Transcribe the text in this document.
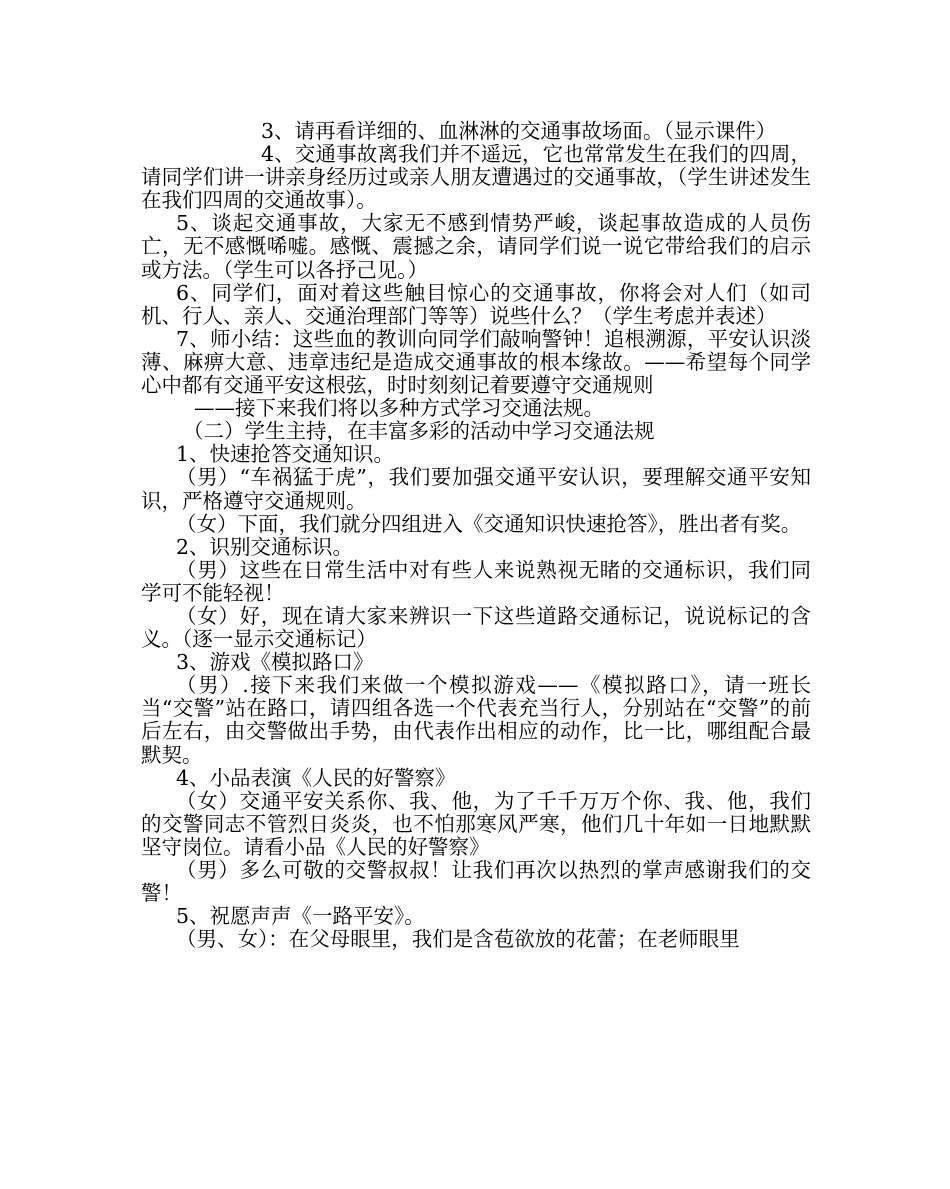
3、请再看详细的、血淋淋的交通事故场面。（显示课件）

4、交通事故离我们并不遥远，它也常常发生在我们的四周，请同学们讲一讲亲身经历过或亲人朋友遭遇过的交通事故，（学生讲述发生在我们四周的交通故事）。

5、谈起交通事故，大家无不感到情势严峻，谈起事故造成的人员伤亡，无不感慨唏嘘。感慨、震撼之余，请同学们说一说它带给我们的启示或方法。（学生可以各抒己见。）

6、同学们，面对着这些触目惊心的交通事故，你将会对人们（如司机、行人、亲人、交通治理部门等等）说些什么？（学生考虑并表述）

7、师小结：这些血的教训向同学们敲响警钟！追根溯源，平安认识淡薄、麻痹大意、违章违纪是造成交通事故的根本缘故。——希望每个同学心中都有交通平安这根弦，时时刻刻记着要遵守交通规则

——接下来我们将以多种方式学习交通法规。

（二）学生主持，在丰富多彩的活动中学习交通法规

1、快速抢答交通知识。

（男）“车祸猛于虎”，我们要加强交通平安认识，要理解交通平安知识，严格遵守交通规则。

（女）下面，我们就分四组进入《交通知识快速抢答》，胜出者有奖。

2、识别交通标识。

（男）这些在日常生活中对有些人来说熟视无睹的交通标识，我们同学可不能轻视！

（女）好，现在请大家来辨识一下这些道路交通标记，说说标记的含义。（逐一显示交通标记）

3、游戏《模拟路口》

（男）.接下来我们来做一个模拟游戏——《模拟路口》，请一班长当“交警”站在路口，请四组各选一个代表充当行人，分别站在“交警”的前后左右，由交警做出手势，由代表作出相应的动作，比一比，哪组配合最默契。

4、小品表演《人民的好警察》

（女）交通平安关系你、我、他，为了千千万万个你、我、他，我们的交警同志不管烈日炎炎，也不怕那寒风严寒，他们几十年如一日地默默坚守岗位。请看小品《人民的好警察》

（男）多么可敬的交警叔叔！让我们再次以热烈的掌声感谢我们的交警！

5、祝愿声声《一路平安》。

（男、女）：在父母眼里，我们是含苞欲放的花蕾；在老师眼里
